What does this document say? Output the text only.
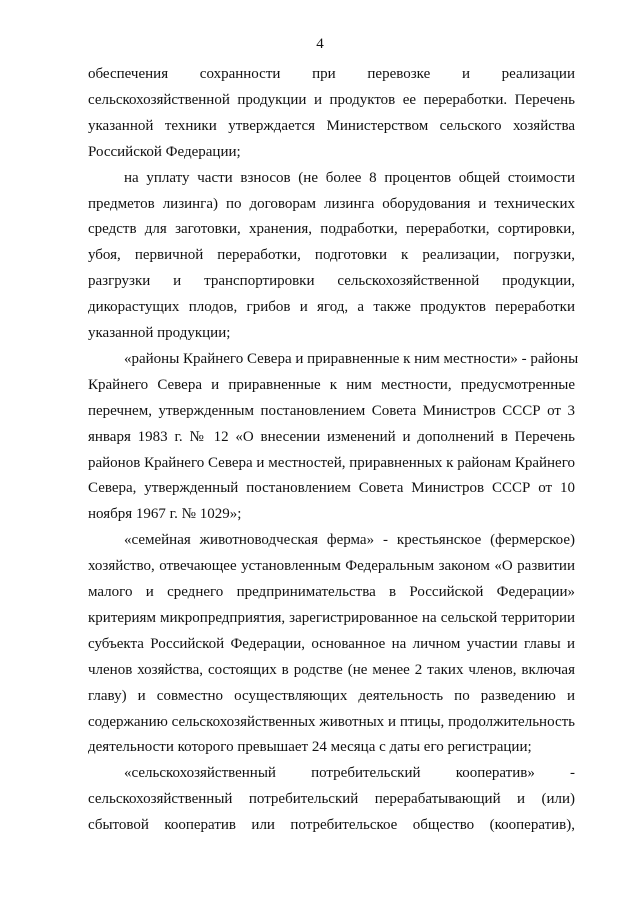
4
обеспечения сохранности при перевозке и реализации
сельскохозяйственной продукции и продуктов ее переработки. Перечень
указанной техники утверждается Министерством сельского хозяйства
Российской Федерации;
на уплату части взносов (не более 8 процентов общей стоимости
предметов лизинга) по договорам лизинга оборудования и технических
средств для заготовки, хранения, подработки, переработки, сортировки,
убоя, первичной переработки, подготовки к реализации, погрузки,
разгрузки и транспортировки сельскохозяйственной продукции,
дикорастущих плодов, грибов и ягод, а также продуктов переработки
указанной продукции;
«районы Крайнего Севера и приравненные к ним местности» - районы
Крайнего Севера и приравненные к ним местности, предусмотренные
перечнем, утвержденным постановлением Совета Министров СССР от 3
января 1983 г. № 12 «О внесении изменений и дополнений в Перечень
районов Крайнего Севера и местностей, приравненных к районам Крайнего
Севера, утвержденный постановлением Совета Министров СССР от 10
ноября 1967 г. № 1029»;
«семейная животноводческая ферма» - крестьянское (фермерское)
хозяйство, отвечающее установленным Федеральным законом «О развитии
малого и среднего предпринимательства в Российской Федерации»
критериям микропредприятия, зарегистрированное на сельской территории
субъекта Российской Федерации, основанное на личном участии главы и
членов хозяйства, состоящих в родстве (не менее 2 таких членов, включая
главу) и совместно осуществляющих деятельность по разведению и
содержанию сельскохозяйственных животных и птицы, продолжительность
деятельности которого превышает 24 месяца с даты его регистрации;
«сельскохозяйственный потребительский кооператив» -
сельскохозяйственный потребительский перерабатывающий и (или)
сбытовой кооператив или потребительское общество (кооператив),
